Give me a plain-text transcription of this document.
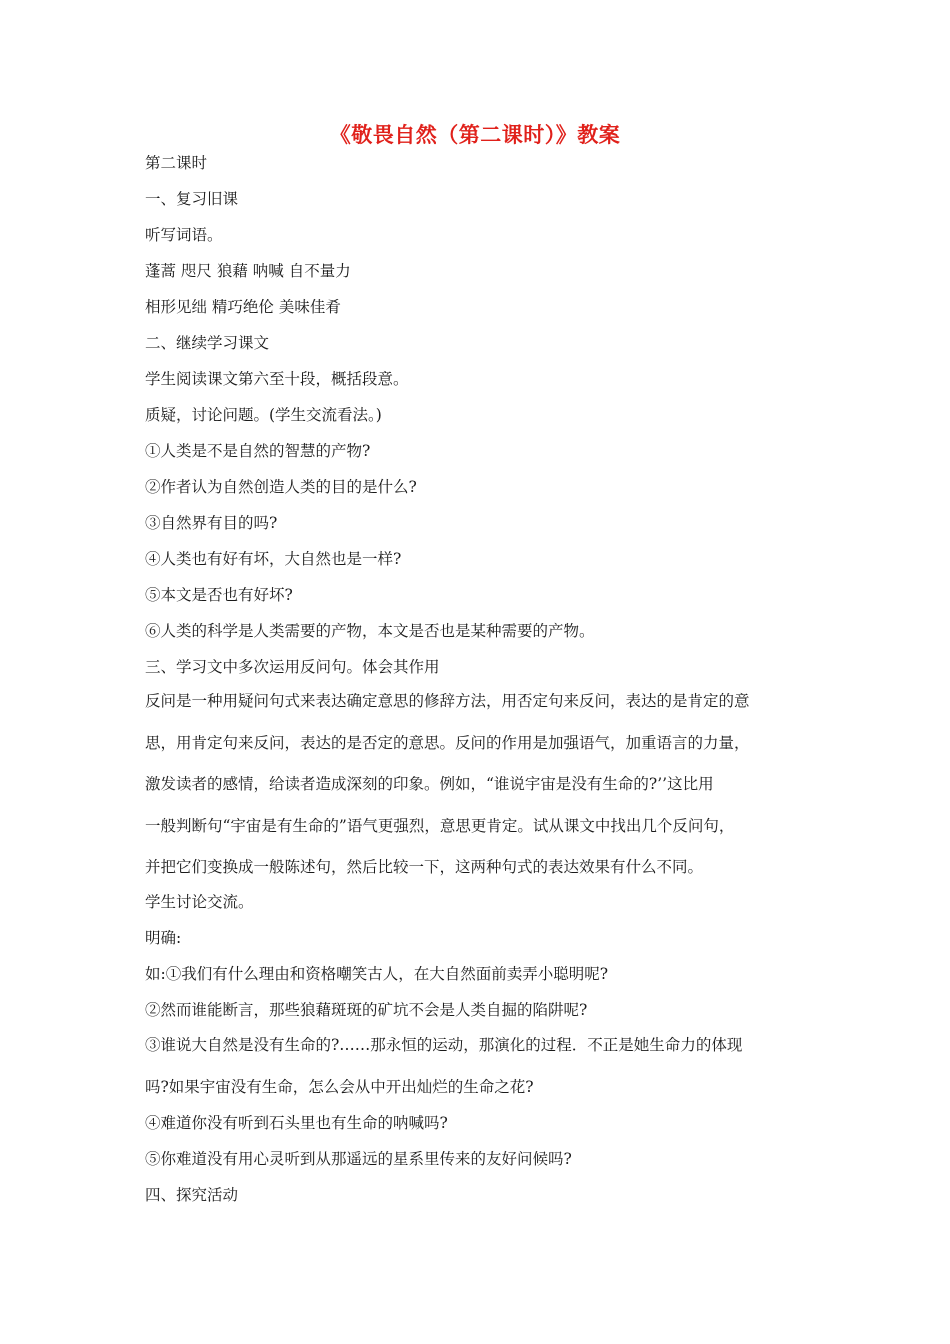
《敬畏自然（第二课时）》教案
第二课时
一、复习旧课
听写词语。
蓬蒿 咫尺 狼藉 呐喊 自不量力
相形见绌 精巧绝伦 美味佳肴
二、继续学习课文
学生阅读课文第六至十段，概括段意。
质疑，讨论问题。(学生交流看法。)
①人类是不是自然的智慧的产物?
②作者认为自然创造人类的目的是什么?
③自然界有目的吗?
④人类也有好有坏，大自然也是一样?
⑤本文是否也有好坏?
⑥人类的科学是人类需要的产物，本文是否也是某种需要的产物。
三、学习文中多次运用反问句。体会其作用
反问是一种用疑问句式来表达确定意思的修辞方法，用否定句来反问，表达的是肯定的意
思，用肯定句来反问，表达的是否定的意思。反问的作用是加强语气，加重语言的力量，
激发读者的感情，给读者造成深刻的印象。例如，“谁说宇宙是没有生命的?’’这比用
一般判断句“宇宙是有生命的”语气更强烈，意思更肯定。试从课文中找出几个反问句，
并把它们变换成一般陈述句，然后比较一下，这两种句式的表达效果有什么不同。
学生讨论交流。
明确:
如:①我们有什么理由和资格嘲笑古人，在大自然面前卖弄小聪明呢?
②然而谁能断言，那些狼藉斑斑的矿坑不会是人类自掘的陷阱呢?
③谁说大自然是没有生命的?……那永恒的运动，那演化的过程．不正是她生命力的体现
吗?如果宇宙没有生命，怎么会从中开出灿烂的生命之花?
④难道你没有听到石头里也有生命的呐喊吗?
⑤你难道没有用心灵听到从那遥远的星系里传来的友好问候吗?
四、探究活动
